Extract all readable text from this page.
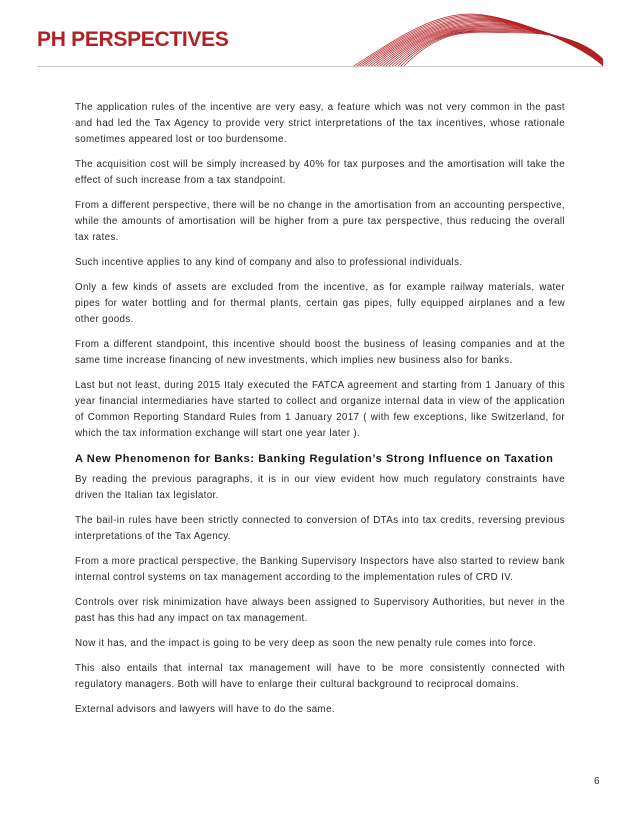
PH PERSPECTIVES

The application rules of the incentive are very easy, a feature which was not very common in the past and had led the Tax Agency to provide very strict interpretations of the tax incentives, whose rationale sometimes appeared lost or too burdensome.

The acquisition cost will be simply increased by 40% for tax purposes and the amortisation will take the effect of such increase from a tax standpoint.

From a different perspective, there will be no change in the amortisation from an accounting perspective, while the amounts of amortisation will be higher from a pure tax perspective, thus reducing the overall tax rates.

Such incentive applies to any kind of company and also to professional individuals.

Only a few kinds of assets are excluded from the incentive, as for example railway materials, water pipes for water bottling and for thermal plants, certain gas pipes, fully equipped airplanes and a few other goods.

From a different standpoint, this incentive should boost the business of leasing companies and at the same time increase financing of new investments, which implies new business also for banks.

Last but not least, during 2015 Italy executed the FATCA agreement and starting from 1 January of this year financial intermediaries have started to collect and organize internal data in view of the application of Common Reporting Standard Rules from 1 January 2017 ( with few exceptions, like Switzerland, for which the tax information exchange will start one year later ).

A New Phenomenon for Banks: Banking Regulation’s Strong Influence on Taxation

By reading the previous paragraphs, it is in our view evident how much regulatory constraints have driven the Italian tax legislator.

The bail-in rules have been strictly connected to conversion of DTAs into tax credits, reversing previous interpretations of the Tax Agency.

From a more practical perspective, the Banking Supervisory Inspectors have also started to review bank internal control systems on tax management according to the implementation rules of CRD IV.

Controls over risk minimization have always been assigned to Supervisory Authorities, but never in the past has this had any impact on tax management.

Now it has, and the impact is going to be very deep as soon the new penalty rule comes into force.

This also entails that internal tax management will have to be more consistently connected with regulatory managers. Both will have to enlarge their cultural background to reciprocal domains.

External advisors and lawyers will have to do the same.

6
